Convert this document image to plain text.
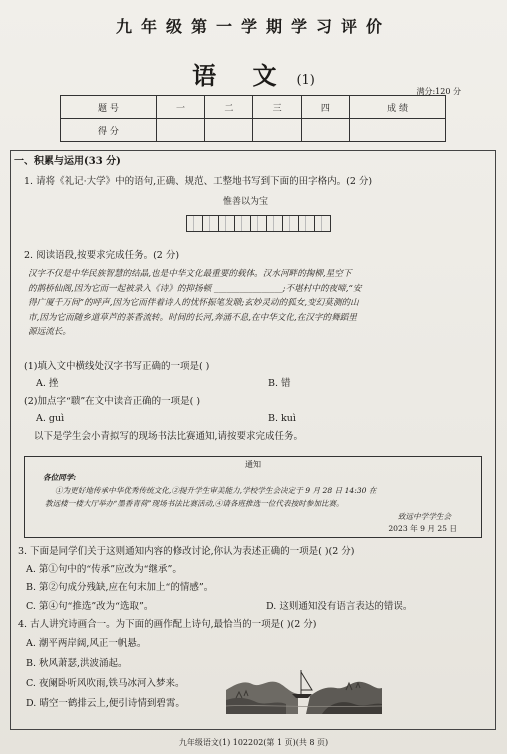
九年级第一学期学习评价
语 文 (1)
满分:120 分
题 号	一	二	三	四	成 绩
得 分					
一、积累与运用(33 分)
1. 请将《礼记·大学》中的语句,正确、规范、工整地书写到下面的田字格内。(2 分)
惟善以为宝
2. 阅读语段,按要求完成任务。(2 分)
汉字不仅是中华民族智慧的结晶,也是中华文化最重要的载体。汉水河畔的掬柳,星空下
的鹊桥仙阁,因为它而一起被录入《诗》的抑扬顿 ________________;不堪村中的夜啼,“安
得广厦千万间”的呼声,因为它而伴着诗人的忧怀振笔发聩;玄妙灵动的狐女,变幻莫测的山
市,因为它而随乡道草芦的茶香流转。时间的长河,奔涌不息,在中华文化,在汉字的舞蹈里
源远流长。
(1)填入文中横线处汉字书写正确的一项是( )
A. 挫	B. 错
(2)加点字“聩”在文中读音正确的一项是( )
A. guì	B. kuì
以下是学生会小青拟写的现场书法比赛通知,请按要求完成任务。
通知
各位同学:
①为更好地传承中华优秀传统文化,②提升学生审美能力,学校学生会决定于 9 月 28 日 14:30 在
教远楼一楼大厅举办“墨香青荷”现场书法比赛活动,④请各班推选一位代表按时参加比赛。
致远中学学生会
2023 年 9 月 25 日
3. 下面是同学们关于这则通知内容的修改讨论,你认为表述正确的一项是( )(2 分)
A. 第①句中的“传承”应改为“继承”。
B. 第②句成分残缺,应在句末加上“的情感”。
C. 第④句“推选”改为“选取”。	D. 这则通知没有语言表达的错误。
4. 古人讲究诗画合一。为下面的画作配上诗句,最恰当的一项是( )(2 分)
A. 潮平两岸阔,风正一帆悬。
B. 秋风萧瑟,洪波涌起。
C. 夜阑卧听风吹雨,铁马冰河入梦来。
D. 晴空一鹤排云上,便引诗情到碧霄。
九年级语文(1) 102202(第 1 页)(共 8 页)
